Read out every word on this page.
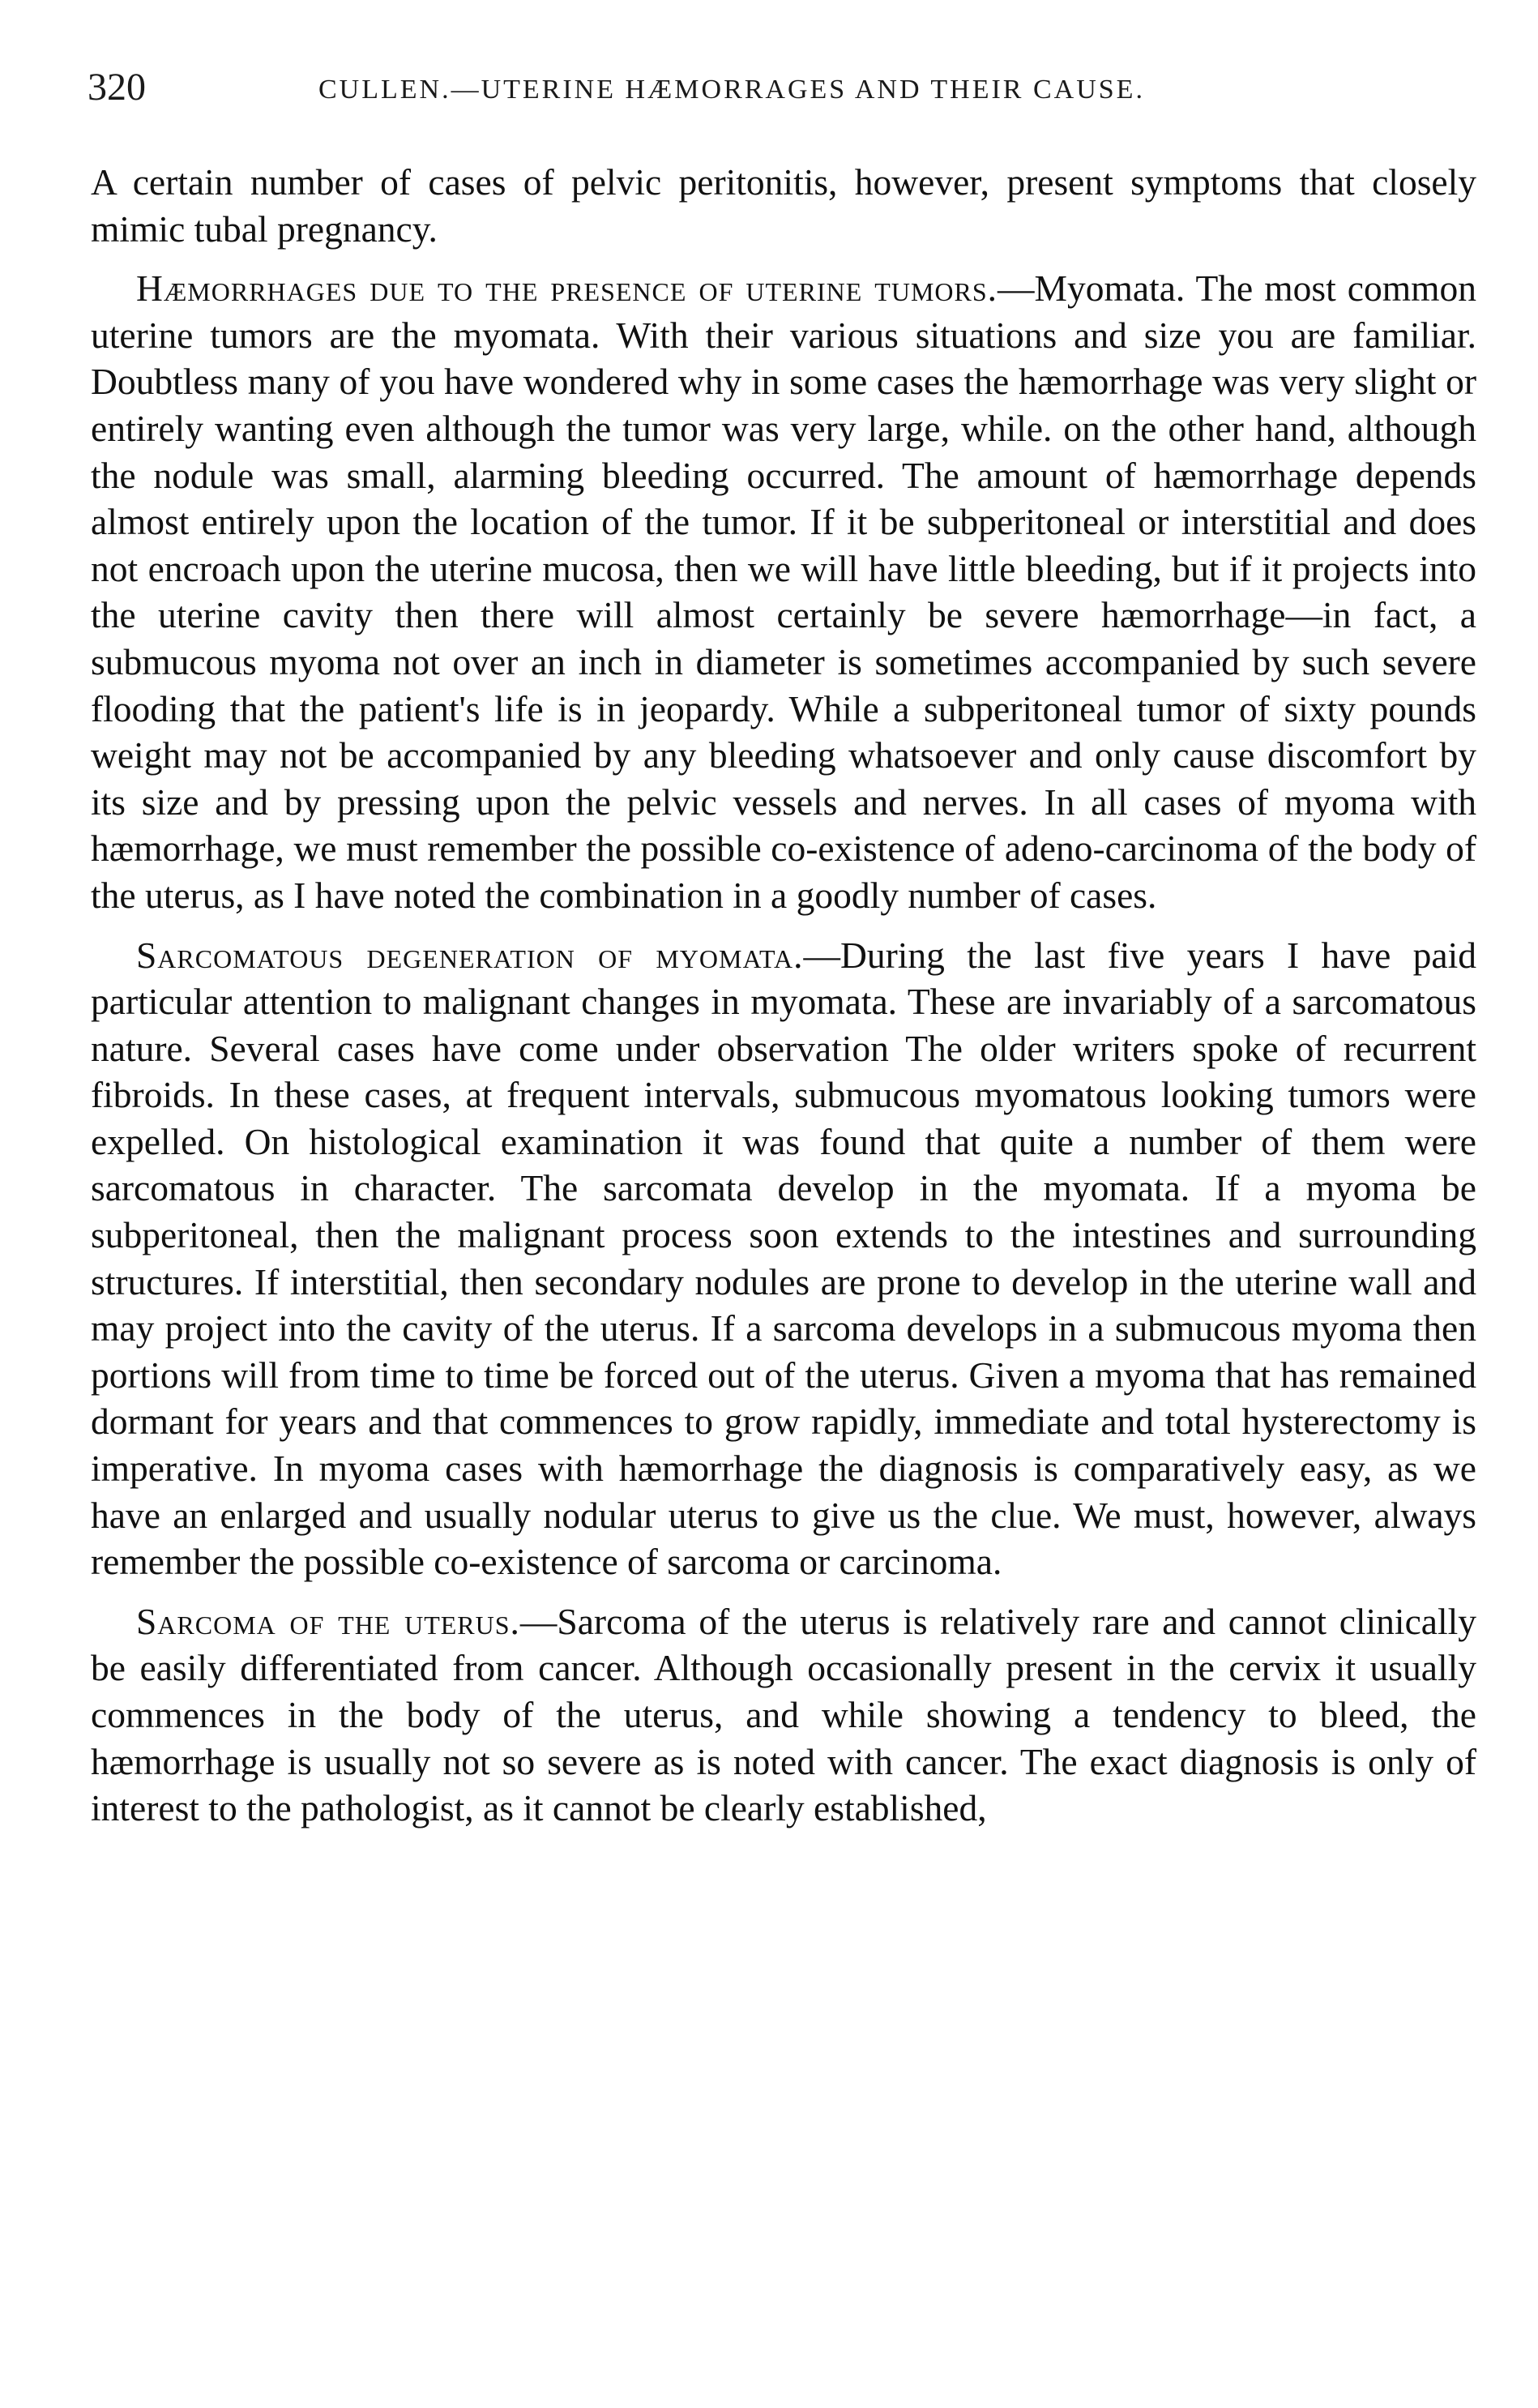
320	CULLEN.—UTERINE HÆMORRAGES AND THEIR CAUSE.

A certain number of cases of pelvic peritonitis, however, present symptoms that closely mimic tubal pregnancy.

Hæmorrhages due to the presence of uterine tumors.—Myomata. The most common uterine tumors are the myomata. With their various situations and size you are familiar. Doubtless many of you have wondered why in some cases the hæmorrhage was very slight or entirely wanting even although the tumor was very large, while. on the other hand, although the nodule was small, alarming bleeding occurred. The amount of hæmorrhage depends almost entirely upon the location of the tumor. If it be subperitoneal or interstitial and does not encroach upon the uterine mucosa, then we will have little bleeding, but if it projects into the uterine cavity then there will almost certainly be severe hæmorrhage—in fact, a submucous myoma not over an inch in diameter is sometimes accompanied by such severe flooding that the patient's life is in jeopardy. While a subperitoneal tumor of sixty pounds weight may not be accompanied by any bleeding whatsoever and only cause discomfort by its size and by pressing upon the pelvic vessels and nerves. In all cases of myoma with hæmorrhage, we must remember the possible co-existence of adeno-carcinoma of the body of the uterus, as I have noted the combination in a goodly number of cases.

Sarcomatous degeneration of myomata.—During the last five years I have paid particular attention to malignant changes in myomata. These are invariably of a sarcomatous nature. Several cases have come under observation The older writers spoke of recurrent fibroids. In these cases, at frequent intervals, submucous myomatous looking tumors were expelled. On histological examination it was found that quite a number of them were sarcomatous in character. The sarcomata develop in the myomata. If a myoma be subperitoneal, then the malignant process soon extends to the intestines and surrounding structures. If interstitial, then secondary nodules are prone to develop in the uterine wall and may project into the cavity of the uterus. If a sarcoma develops in a submucous myoma then portions will from time to time be forced out of the uterus. Given a myoma that has remained dormant for years and that commences to grow rapidly, immediate and total hysterectomy is imperative. In myoma cases with hæmorrhage the diagnosis is comparatively easy, as we have an enlarged and usually nodular uterus to give us the clue. We must, however, always remember the possible co-existence of sarcoma or carcinoma.

Sarcoma of the uterus.—Sarcoma of the uterus is relatively rare and cannot clinically be easily differentiated from cancer. Although occasionally present in the cervix it usually commences in the body of the uterus, and while showing a tendency to bleed, the hæmorrhage is usually not so severe as is noted with cancer. The exact diagnosis is only of interest to the pathologist, as it cannot be clearly established,
